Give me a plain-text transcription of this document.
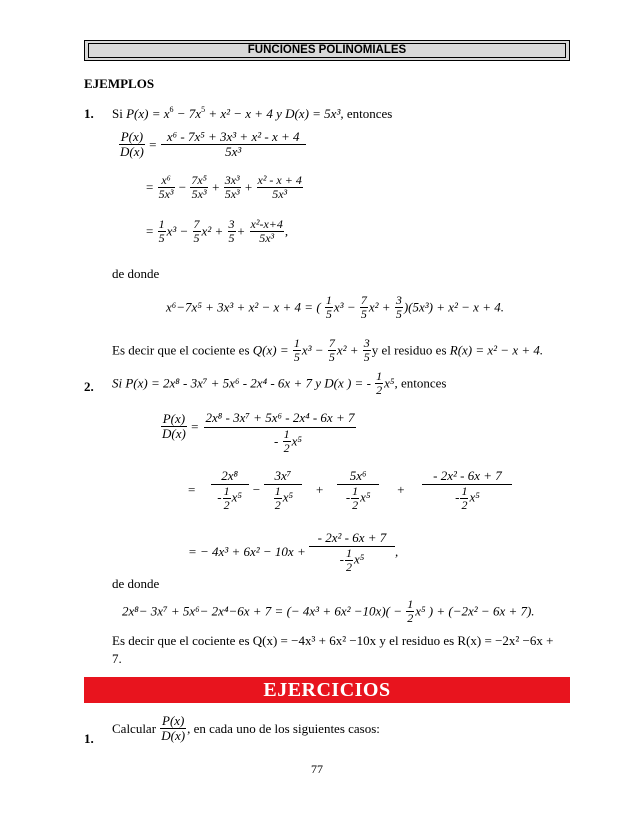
FUNCIONES POLINOMIALES
EJEMPLOS
1. Si $P(x) = x^6 - 7x^5 + x^2 - x + 4$ y D(x) = 5x³, entonces
$\frac{P(x)}{D(x)} = \frac{\text{x⁶ - 7x⁵ + 3x³ + x² - x + 4}}{\text{5x³}}$
= $\frac{\text{x⁶}}{\text{5x³}} - \frac{\text{7x⁵}}{\text{5x³}} + \frac{\text{3x³}}{\text{5x³}} + \frac{\text{x² - x + 4}}{\text{5x³}}$
= $\frac{1}{5} x^3 - \frac{7}{5} x^2 + \frac{3}{5} + \frac{\text{x²-x+4}}{\text{5x³}}$ ,
de donde
x⁶−7x⁵ + 3x³ + x² − x + 4 = ( $\frac{1}{5} x^3 - \frac{7}{5} x^2 + \frac{3}{5} )(5x^3) + x^2 - x + 4$.
Es decir que el cociente es $Q(x) = \frac{1}{5} x^3 - \frac{7}{5} x^2 + \frac{3}{5}$ y el residuo es R(x) = x² − x + 4.
2. Si P(x) = 2x⁸ - 3x⁷ + 5x⁶ - 2x⁴ - 6x + 7 y D(x ) = - $\frac{1}{2} x^5$, entonces
$\frac{P(x)}{D(x)}$ =
2x⁸ - 3x⁷ + 5x⁶ - 2x⁴ - 6x + 7
- $\frac{1}{2} x^5$
= $\frac{\text{2x⁸}}{- \frac{1}{2} x^5} - \frac{\text{3x⁷}}{\frac{1}{2} x^5} + \frac{\text{5x⁶}}{- \frac{1}{2} x^5} + \frac{\text{- 2x² - 6x + 7}}{- \frac{1}{2} x^5}$
= − $4x^3 + 6x^2 - 10x + \frac{\text{- 2x² - 6x + 7}}{- \frac{1}{2} x^5}$ ,
de donde
2x⁸− 3x⁷ + 5x⁶− 2x⁴−6x + 7 = (− $4x^3 + 6x^2 -10x)( - \frac{1}{2} x^5$ ) + (−2x² − 6x + 7).
Es decir que el cociente es Q(x) = −4x³ + 6x² −10x y el residuo es R(x) = −2x² −6x +
7.
EJERCICIOS
1.
Calcular $\frac{P(x)}{D(x)}$ , en cada uno de los siguientes casos:
77
